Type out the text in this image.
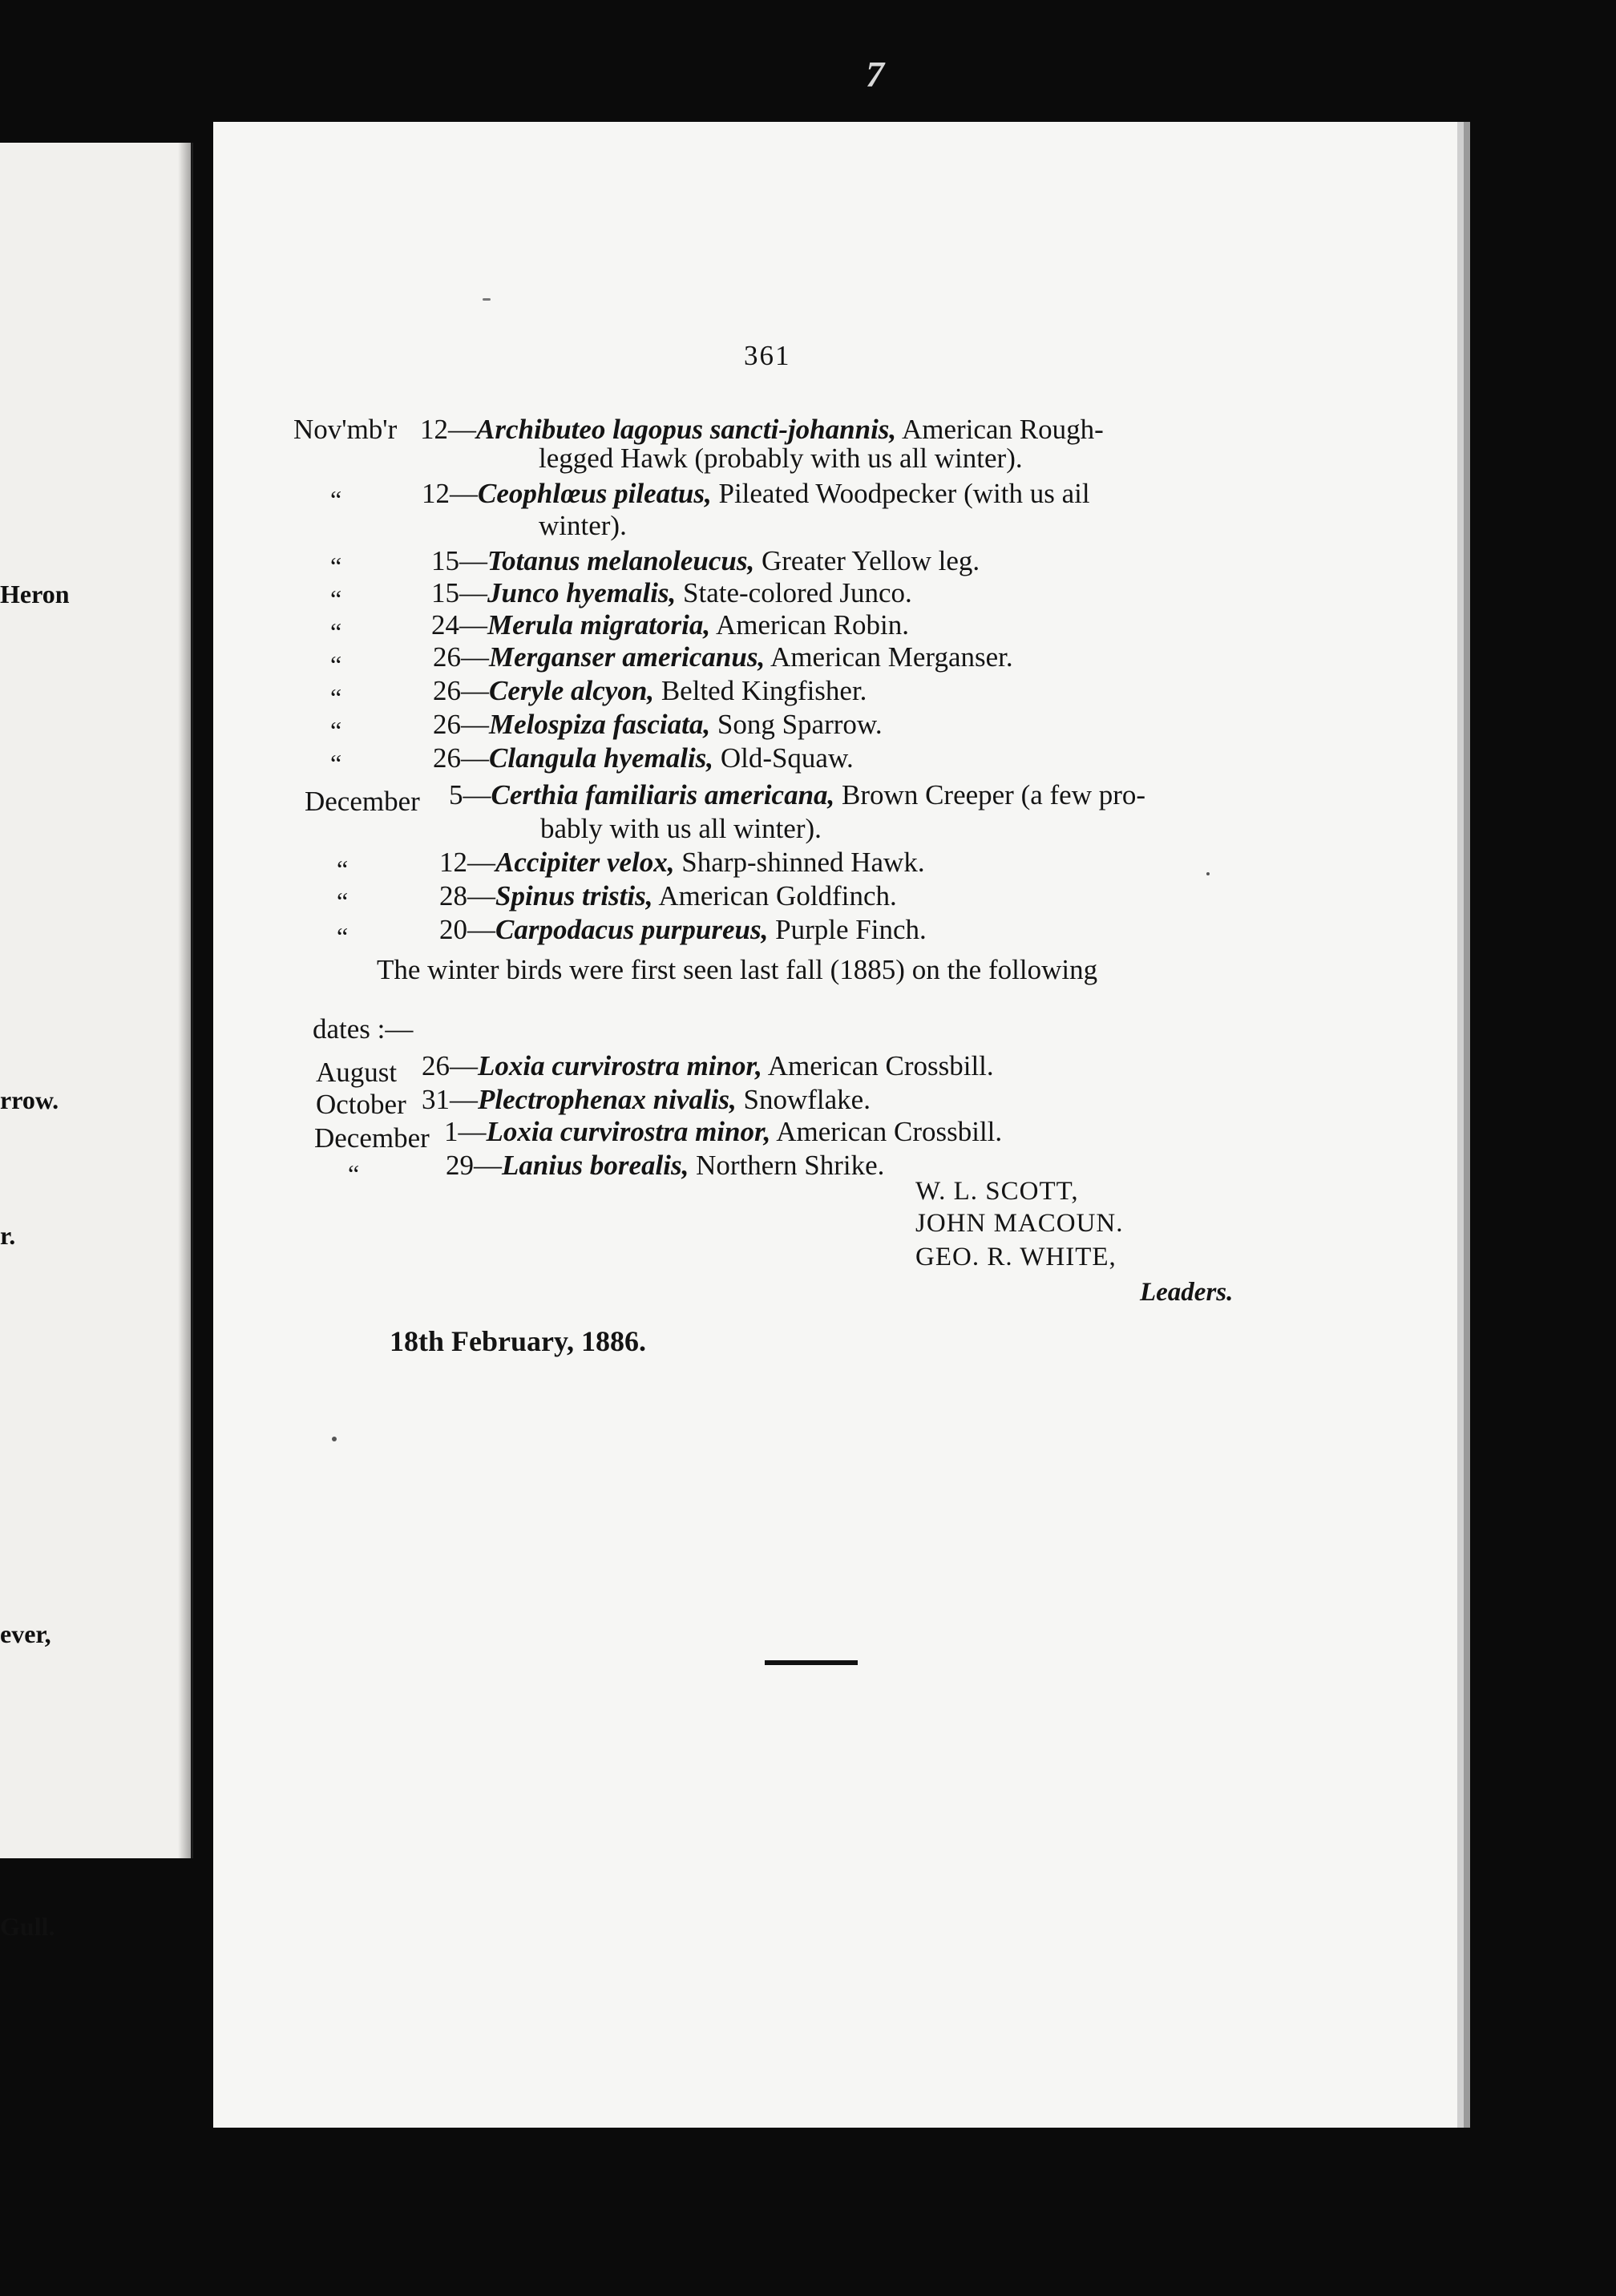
Heron
rrow.
r.
ever,
Gull.
7
361
Nov'mb'r 12—Archibuteo lagopus sancti-johannis, American Rough-
legged Hawk (probably with us all winter).
“	12—Ceophlœus pileatus, Pileated Woodpecker (with us ail
winter).
“	15—Totanus melanoleucus, Greater Yellow leg.
“	15—Junco hyemalis, State-colored Junco.
“	24—Merula migratoria, American Robin.
“	26—Merganser americanus, American Merganser.
“	26—Ceryle alcyon, Belted Kingfisher.
“	26—Melospiza fasciata, Song Sparrow.
“	26—Clangula hyemalis, Old-Squaw.
December 5—Certhia familiaris americana, Brown Creeper (a few pro-
bably with us all winter).
“	12—Accipiter velox, Sharp-shinned Hawk.
“	28—Spinus tristis, American Goldfinch.
“	20—Carpodacus purpureus, Purple Finch.
The winter birds were first seen last fall (1885) on the following
dates :—
August 26—Loxia curvirostra minor, American Crossbill.
October 31—Plectrophenax nivalis, Snowflake.
December 1—Loxia curvirostra minor, American Crossbill.
“	29—Lanius borealis, Northern Shrike.
W. L. SCOTT,
JOHN MACOUN.
GEO. R. WHITE,
Leaders.
18th February, 1886.
